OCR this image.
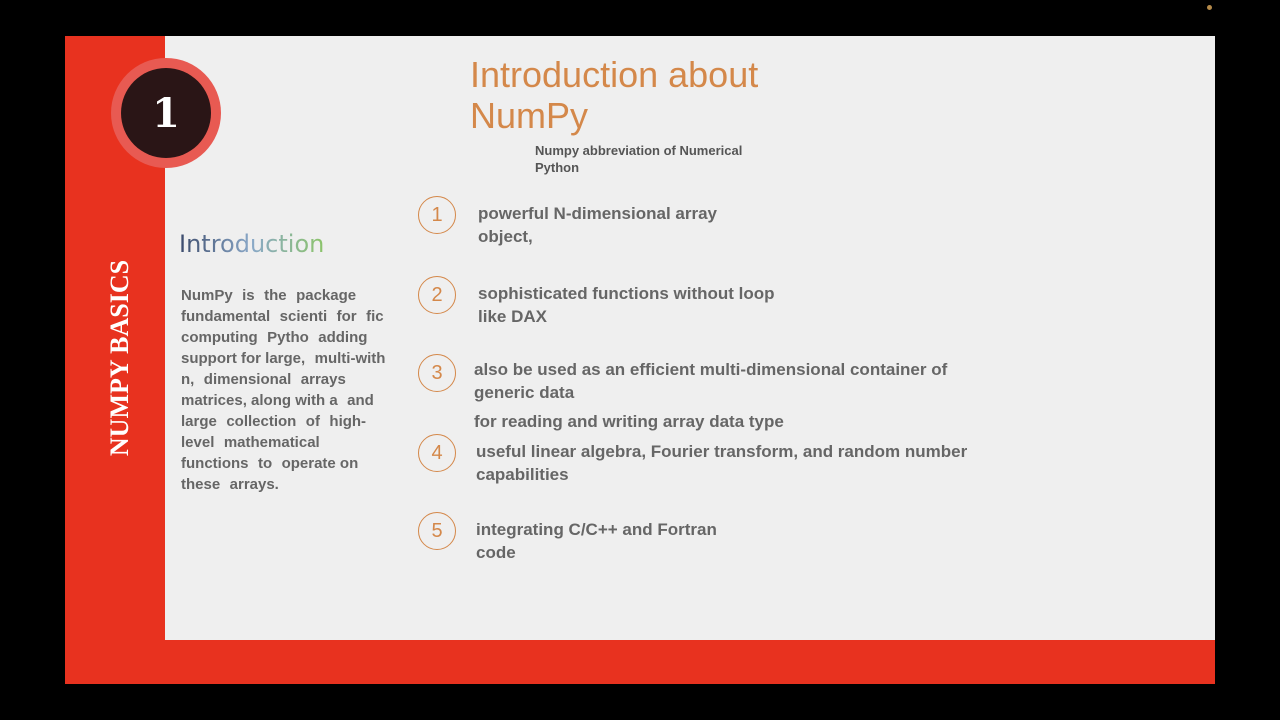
1
NUMPY BASICS
Introduction
NumPy is the package fundamental scienti for fic computing Pytho adding support for large, multi-with n, dimensional arrays matrices, along with a and large collection of high-level mathematical functions to operate on these arrays.
Introduction about
NumPy
Numpy abbreviation of Numerical
Python
1	powerful N-dimensional array
object,
2	sophisticated functions without loop
like DAX
3	also be used as an efficient multi-dimensional container of
generic data
for reading and writing array data type
4	useful linear algebra, Fourier transform, and random number
capabilities
5	integrating C/C++ and Fortran
code
